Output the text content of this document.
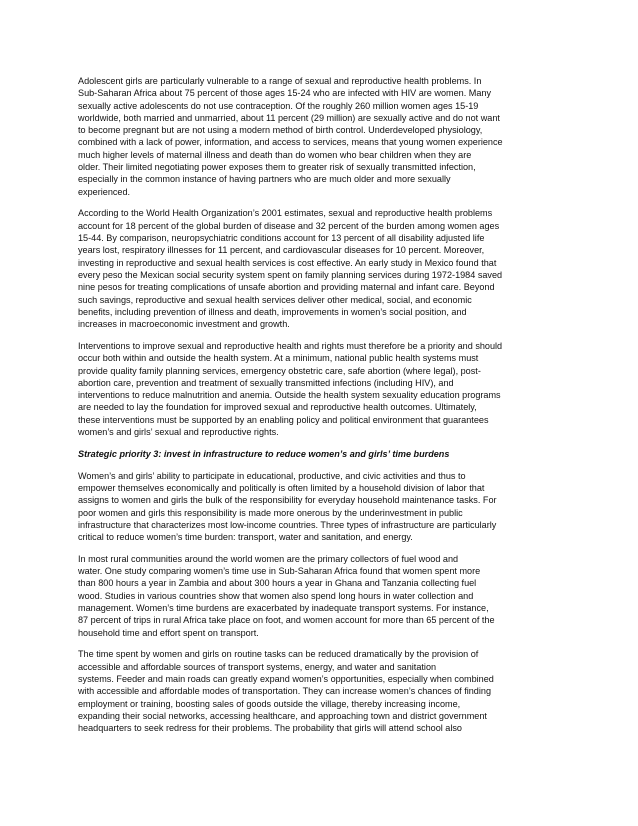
Adolescent girls are particularly vulnerable to a range of sexual and reproductive health problems. In
Sub-Saharan Africa about 75 percent of those ages 15-24 who are infected with HIV are women. Many
sexually active adolescents do not use contraception. Of the roughly 260 million women ages 15-19
worldwide, both married and unmarried, about 11 percent (29 million) are sexually active and do not want
to become pregnant but are not using a modern method of birth control. Underdeveloped physiology,
combined with a lack of power, information, and access to services, means that young women experience
much higher levels of maternal illness and death than do women who bear children when they are
older. Their limited negotiating power exposes them to greater risk of sexually transmitted infection,
especially in the common instance of having partners who are much older and more sexually
experienced.

According to the World Health Organization’s 2001 estimates, sexual and reproductive health problems
account for 18 percent of the global burden of disease and 32 percent of the burden among women ages
15-44. By comparison, neuropsychiatric conditions account for 13 percent of all disability adjusted life
years lost, respiratory illnesses for 11 percent, and cardiovascular diseases for 10 percent. Moreover,
investing in reproductive and sexual health services is cost effective. An early study in Mexico found that
every peso the Mexican social security system spent on family planning services during 1972-1984 saved
nine pesos for treating complications of unsafe abortion and providing maternal and infant care. Beyond
such savings, reproductive and sexual health services deliver other medical, social, and economic
benefits, including prevention of illness and death, improvements in women’s social position, and
increases in macroeconomic investment and growth.

Interventions to improve sexual and reproductive health and rights must therefore be a priority and should
occur both within and outside the health system. At a minimum, national public health systems must
provide quality family planning services, emergency obstetric care, safe abortion (where legal), post-
abortion care, prevention and treatment of sexually transmitted infections (including HIV), and
interventions to reduce malnutrition and anemia. Outside the health system sexuality education programs
are needed to lay the foundation for improved sexual and reproductive health outcomes. Ultimately,
these interventions must be supported by an enabling policy and political environment that guarantees
women’s and girls’ sexual and reproductive rights.

Strategic priority 3: invest in infrastructure to reduce women’s and girls’ time burdens

Women’s and girls’ ability to participate in educational, productive, and civic activities and thus to
empower themselves economically and politically is often limited by a household division of labor that
assigns to women and girls the bulk of the responsibility for everyday household maintenance tasks. For
poor women and girls this responsibility is made more onerous by the underinvestment in public
infrastructure that characterizes most low-income countries. Three types of infrastructure are particularly
critical to reduce women’s time burden: transport, water and sanitation, and energy.

In most rural communities around the world women are the primary collectors of fuel wood and
water. One study comparing women’s time use in Sub-Saharan Africa found that women spent more
than 800 hours a year in Zambia and about 300 hours a year in Ghana and Tanzania collecting fuel
wood. Studies in various countries show that women also spend long hours in water collection and
management. Women’s time burdens are exacerbated by inadequate transport systems. For instance,
87 percent of trips in rural Africa take place on foot, and women account for more than 65 percent of the
household time and effort spent on transport.

The time spent by women and girls on routine tasks can be reduced dramatically by the provision of
accessible and affordable sources of transport systems, energy, and water and sanitation
systems. Feeder and main roads can greatly expand women’s opportunities, especially when combined
with accessible and affordable modes of transportation. They can increase women’s chances of finding
employment or training, boosting sales of goods outside the village, thereby increasing income,
expanding their social networks, accessing healthcare, and approaching town and district government
headquarters to seek redress for their problems. The probability that girls will attend school also
